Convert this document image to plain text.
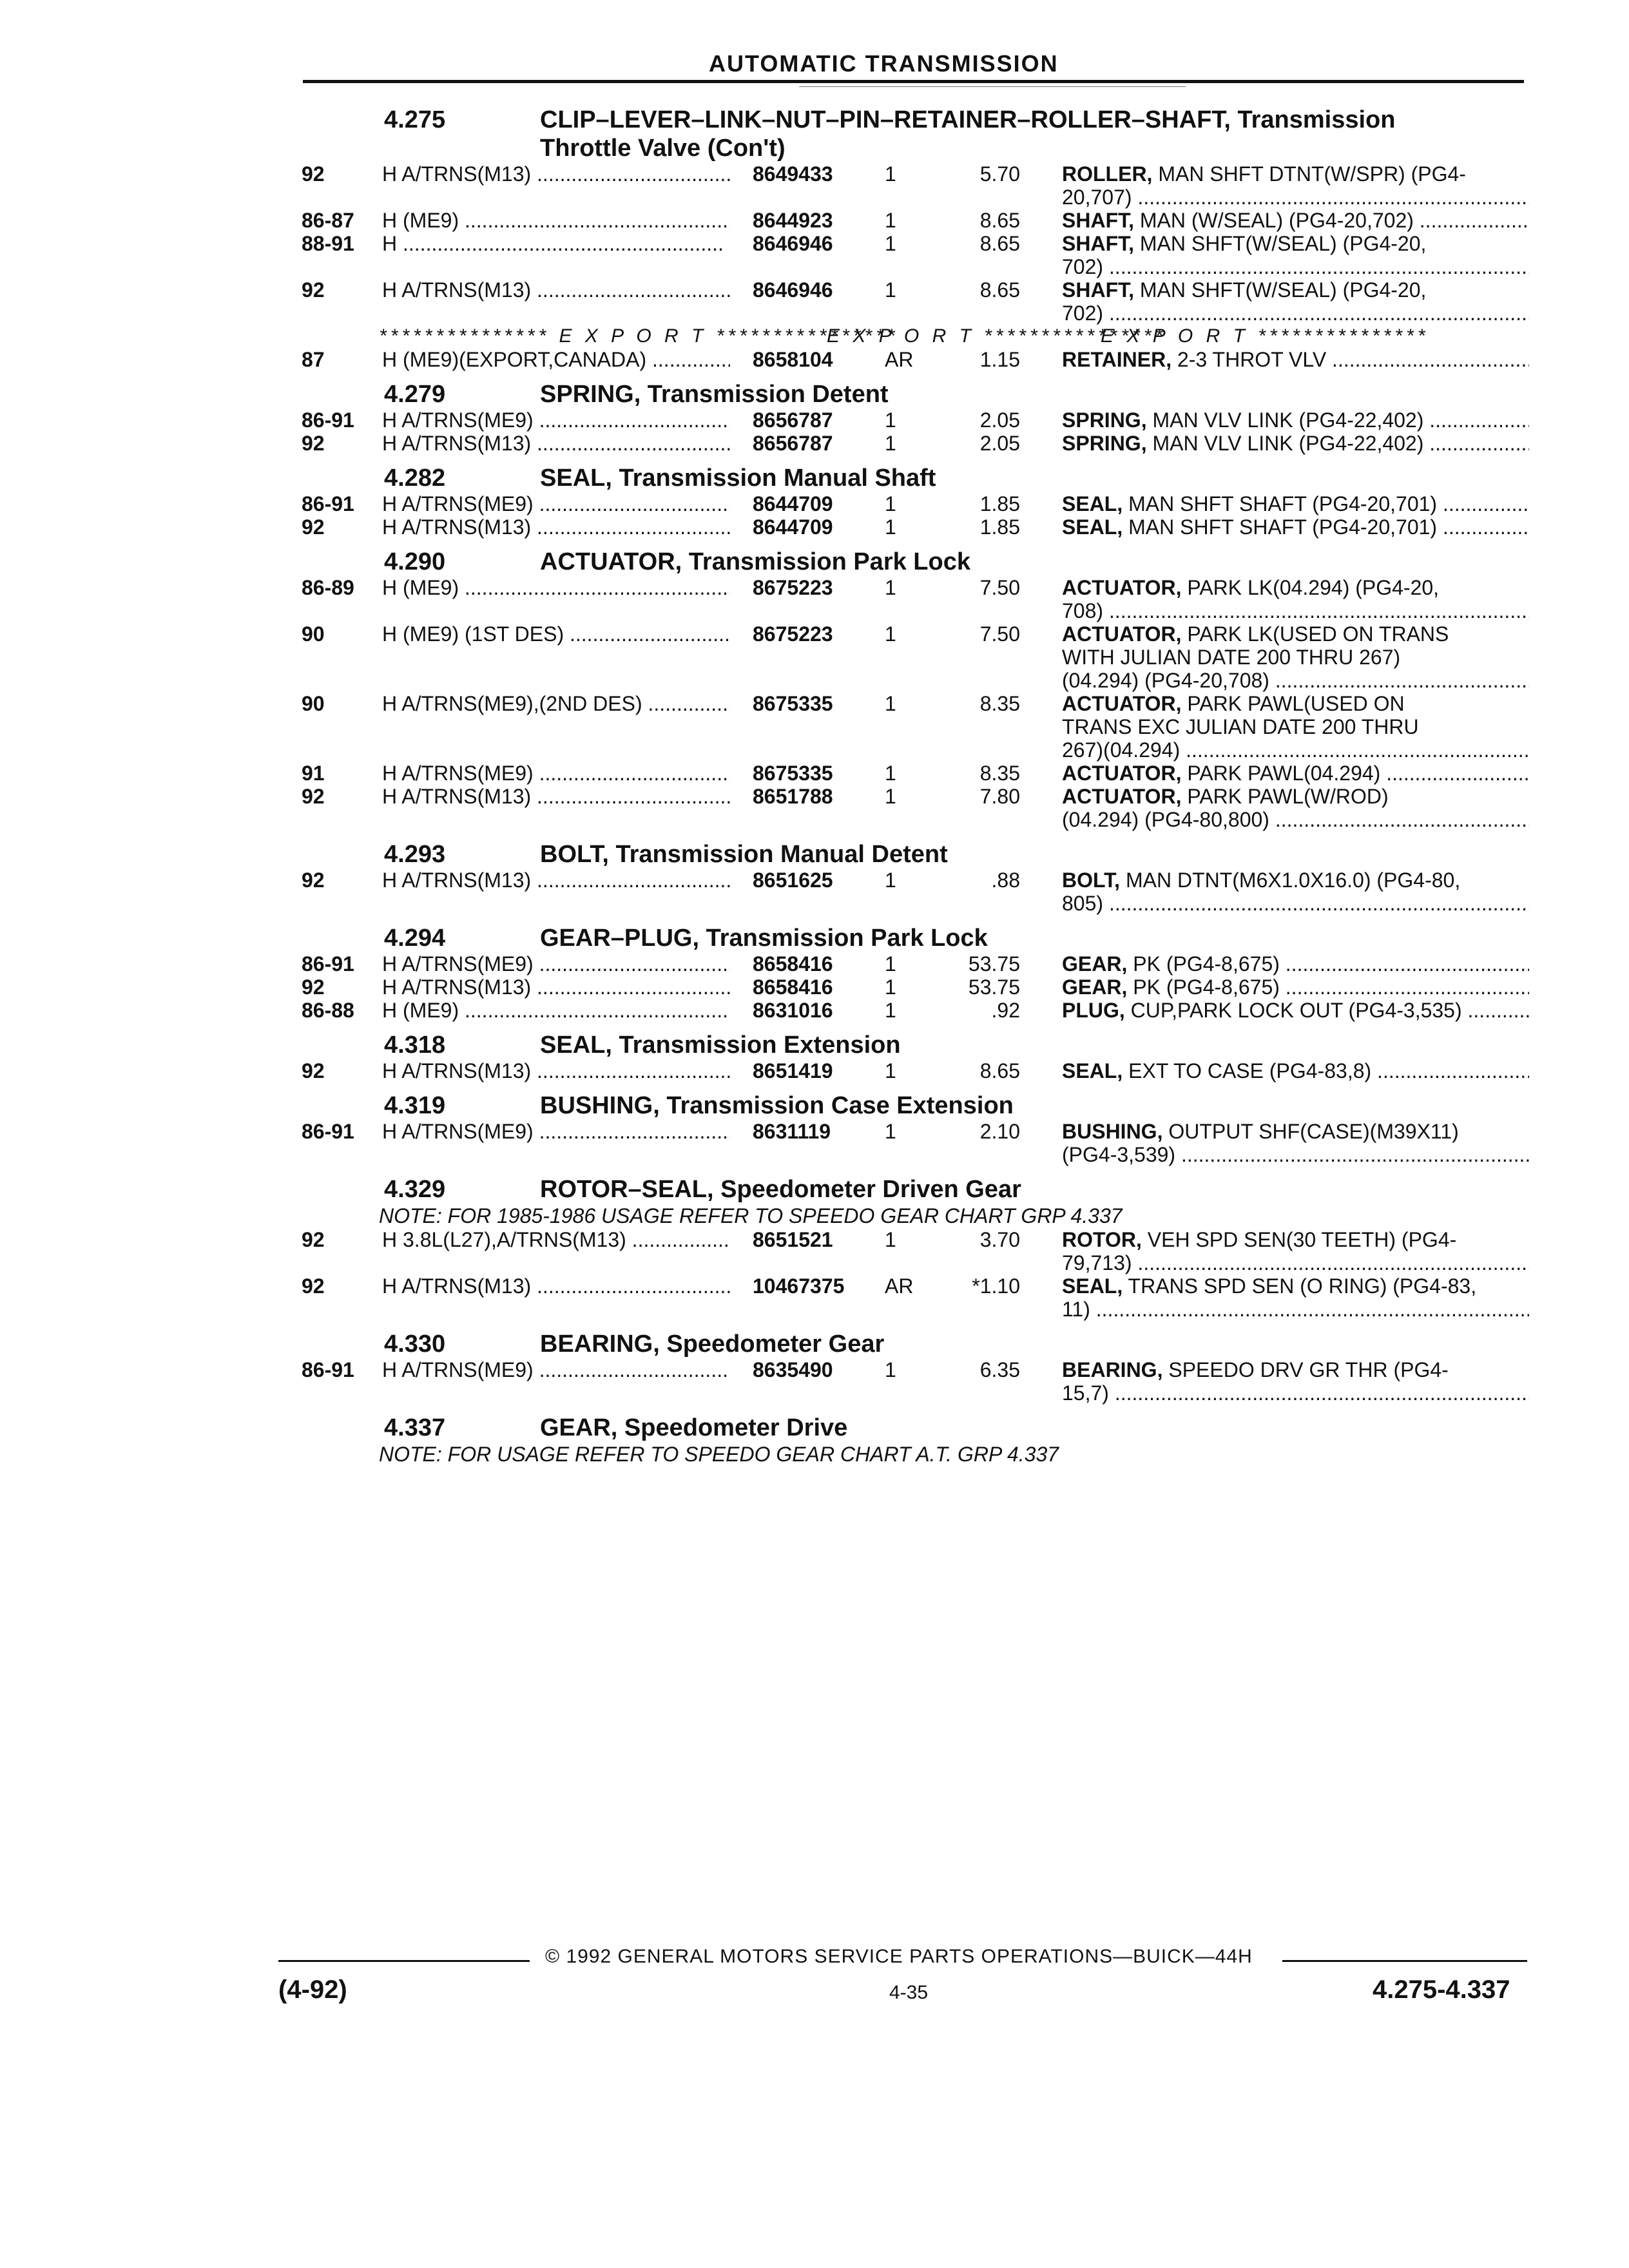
AUTOMATIC TRANSMISSION
4.275	CLIP–LEVER–LINK–NUT–PIN–RETAINER–ROLLER–SHAFT, Transmission
Throttle Valve (Con't)
92	H A/TRNS(M13) .....	8649433	1	5.70 ROLLER, MAN SHFT DTNT(W/SPR) (PG4-
20,707) .....
86-87 H (ME9) .....	8644923	1	8.65 SHAFT, MAN (W/SEAL) (PG4-20,702) .....
88-91 H .....	8646946	1	8.65 SHAFT, MAN SHFT(W/SEAL) (PG4-20,
702) .....
92	H A/TRNS(M13) .....	8646946	1	8.65 SHAFT, MAN SHFT(W/SEAL) (PG4-20,
702) .....
*************** E X P O R T ****************
E X P O R T ****************
E X P O R T ***************
87	H (ME9)(EXPORT,CANADA) .....	8658104	AR	1.15 RETAINER, 2-3 THROT VLV .....
4.279	SPRING, Transmission Detent
86-91 H A/TRNS(ME9) .....	8656787	1	2.05 SPRING, MAN VLV LINK (PG4-22,402) .....
92	H A/TRNS(M13) .....	8656787	1	2.05 SPRING, MAN VLV LINK (PG4-22,402) .....
4.282	SEAL, Transmission Manual Shaft
86-91 H A/TRNS(ME9) .....	8644709	1	1.85 SEAL, MAN SHFT SHAFT (PG4-20,701) .....
92	H A/TRNS(M13) .....	8644709	1	1.85 SEAL, MAN SHFT SHAFT (PG4-20,701) .....
4.290	ACTUATOR, Transmission Park Lock
86-89 H (ME9) .....	8675223	1	7.50 ACTUATOR, PARK LK(04.294) (PG4-20,
708) .....
90	H (ME9) (1ST DES) .....	8675223	1	7.50 ACTUATOR, PARK LK(USED ON TRANS
WITH JULIAN DATE 200 THRU 267)
(04.294) (PG4-20,708) .....
90	H A/TRNS(ME9),(2ND DES) .....	8675335	1	8.35 ACTUATOR, PARK PAWL(USED ON
TRANS EXC JULIAN DATE 200 THRU
267)(04.294) .....
91	H A/TRNS(ME9) .....	8675335	1	8.35 ACTUATOR, PARK PAWL(04.294) .....
92	H A/TRNS(M13) .....	8651788	1	7.80 ACTUATOR, PARK PAWL(W/ROD)
(04.294) (PG4-80,800) .....
4.293	BOLT, Transmission Manual Detent
92	H A/TRNS(M13) .....	8651625	1	.88 BOLT, MAN DTNT(M6X1.0X16.0) (PG4-80,
805) .....
4.294	GEAR–PLUG, Transmission Park Lock
86-91 H A/TRNS(ME9) .....	8658416	1	53.75 GEAR, PK (PG4-8,675) .....
92	H A/TRNS(M13) .....	8658416	1	53.75 GEAR, PK (PG4-8,675) .....
86-88 H (ME9) .....	8631016	1	.92 PLUG, CUP,PARK LOCK OUT (PG4-3,535) .....
4.318	SEAL, Transmission Extension
92	H A/TRNS(M13) .....	8651419	1	8.65 SEAL, EXT TO CASE (PG4-83,8) .....
4.319	BUSHING, Transmission Case Extension
86-91 H A/TRNS(ME9) .....	8631119	1	2.10 BUSHING, OUTPUT SHF(CASE)(M39X11)
(PG4-3,539) .....
4.329	ROTOR–SEAL, Speedometer Driven Gear
NOTE: FOR 1985-1986 USAGE REFER TO SPEEDO GEAR CHART GRP 4.337
92	H 3.8L(L27),A/TRNS(M13) .....	8651521	1	3.70 ROTOR, VEH SPD SEN(30 TEETH) (PG4-
79,713) .....
92	H A/TRNS(M13) .....	10467375 AR	*1.10 SEAL, TRANS SPD SEN (O RING) (PG4-83,
11) .....
4.330	BEARING, Speedometer Gear
86-91 H A/TRNS(ME9) .....	8635490	1	6.35 BEARING, SPEEDO DRV GR THR (PG4-
15,7) .....
4.337	GEAR, Speedometer Drive
NOTE: FOR USAGE REFER TO SPEEDO GEAR CHART A.T. GRP 4.337
© 1992 GENERAL MOTORS SERVICE PARTS OPERATIONS—BUICK—44H
(4-92)	4-35	4.275-4.337
